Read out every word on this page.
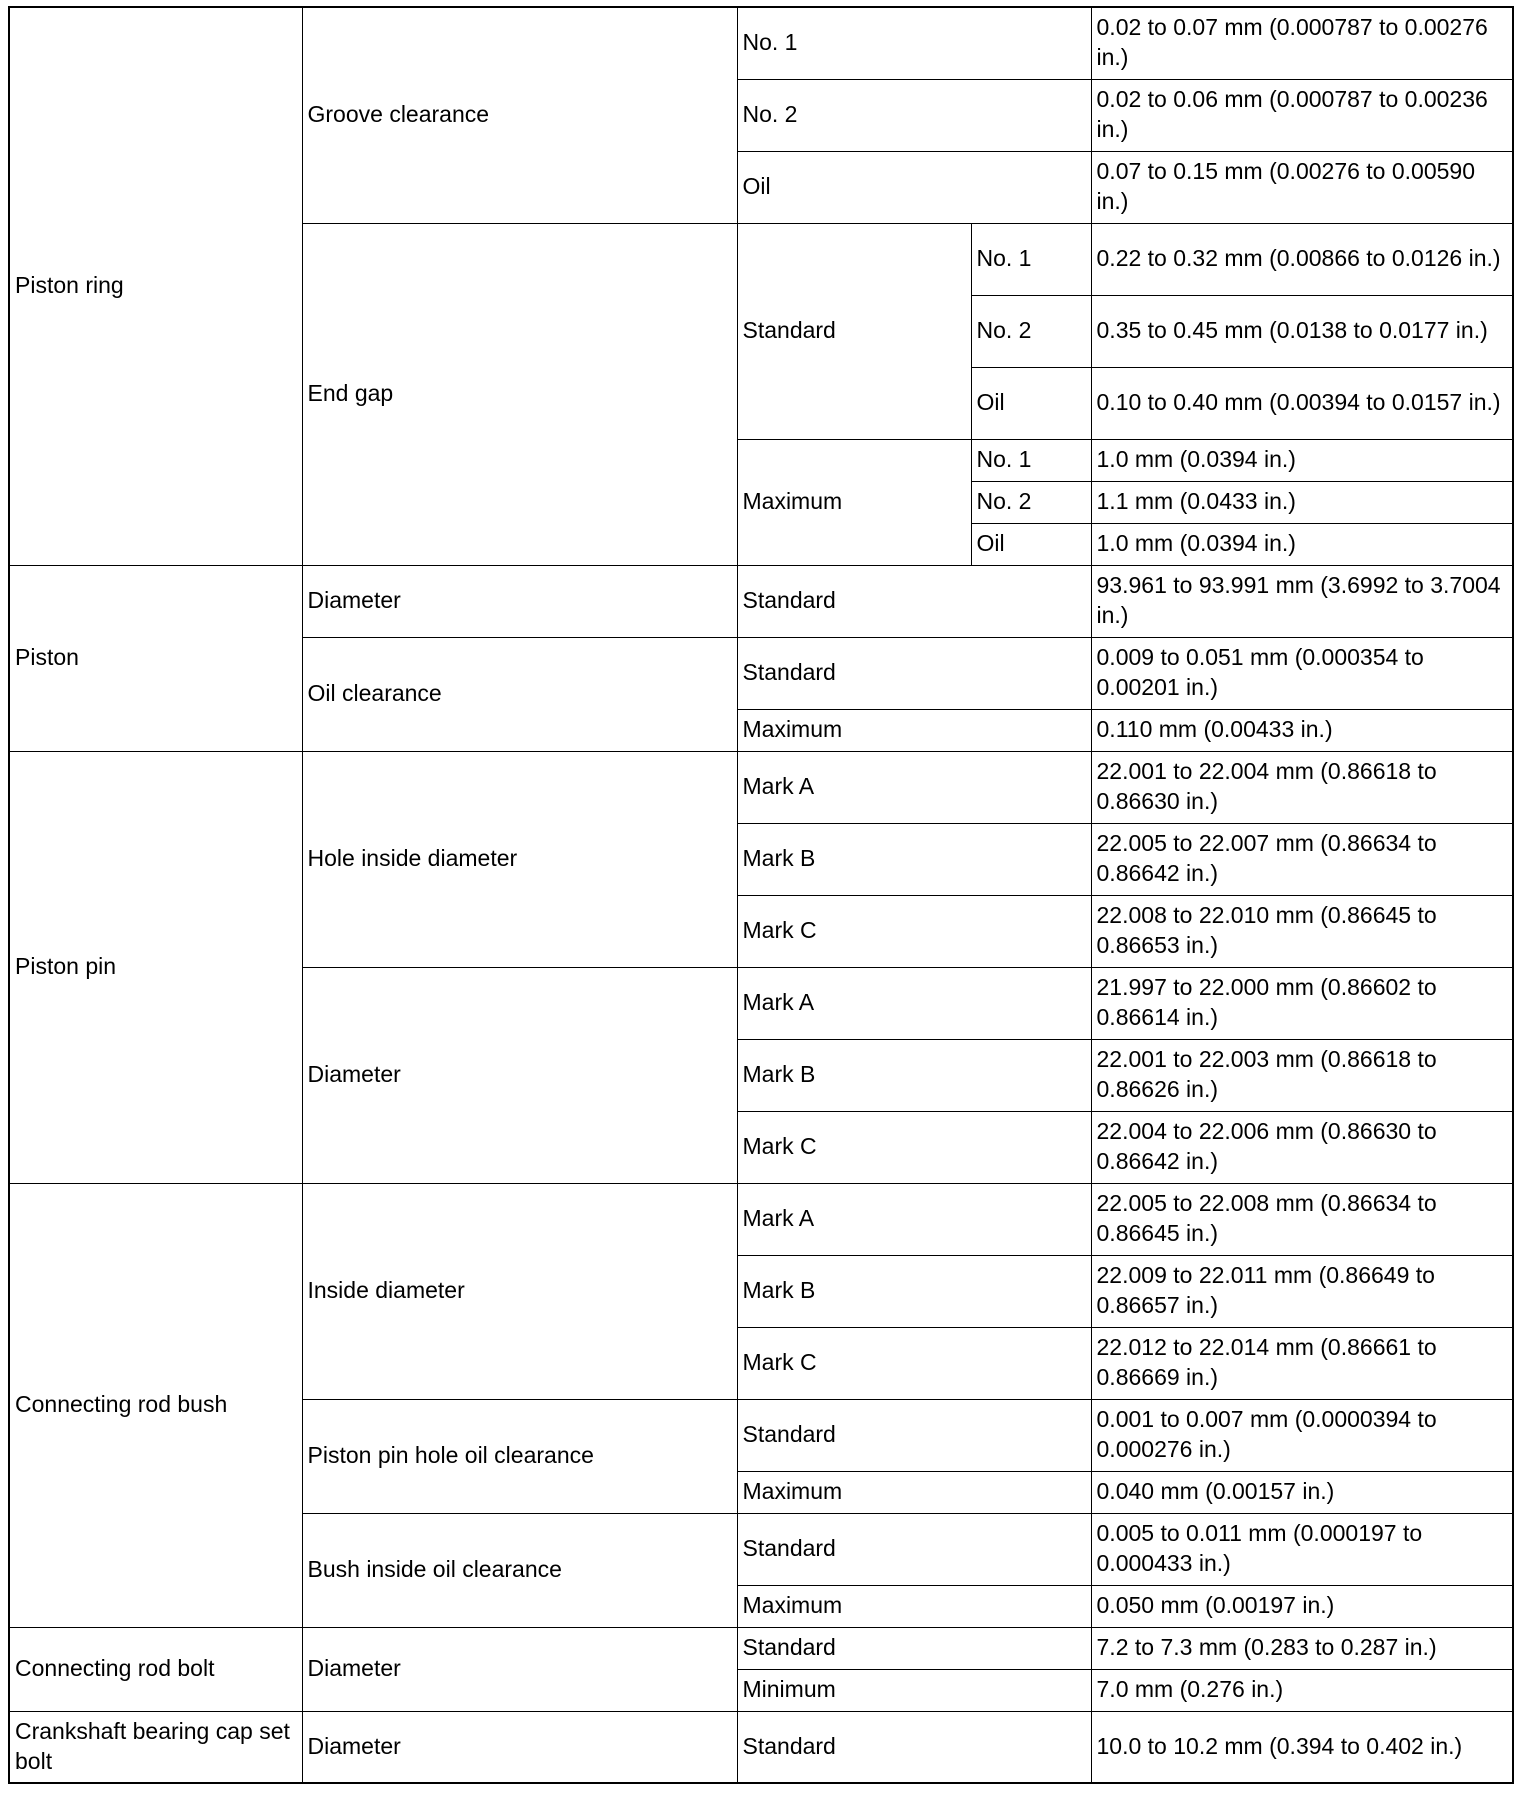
Piston ring	Groove clearance	No. 1		0.02 to 0.07 mm (0.000787 to 0.00276 in.)
		No. 2		0.02 to 0.06 mm (0.000787 to 0.00236 in.)
		Oil		0.07 to 0.15 mm (0.00276 to 0.00590 in.)
	End gap	Standard	No. 1	0.22 to 0.32 mm (0.00866 to 0.0126 in.)
			No. 2	0.35 to 0.45 mm (0.0138 to 0.0177 in.)
			Oil	0.10 to 0.40 mm (0.00394 to 0.0157 in.)
		Maximum	No. 1	1.0 mm (0.0394 in.)
			No. 2	1.1 mm (0.0433 in.)
			Oil	1.0 mm (0.0394 in.)
Piston	Diameter	Standard		93.961 to 93.991 mm (3.6992 to 3.7004 in.)
	Oil clearance	Standard		0.009 to 0.051 mm (0.000354 to 0.00201 in.)
		Maximum		0.110 mm (0.00433 in.)
Piston pin	Hole inside diameter	Mark A		22.001 to 22.004 mm (0.86618 to 0.86630 in.)
		Mark B		22.005 to 22.007 mm (0.86634 to 0.86642 in.)
		Mark C		22.008 to 22.010 mm (0.86645 to 0.86653 in.)
	Diameter	Mark A		21.997 to 22.000 mm (0.86602 to 0.86614 in.)
		Mark B		22.001 to 22.003 mm (0.86618 to 0.86626 in.)
		Mark C		22.004 to 22.006 mm (0.86630 to 0.86642 in.)
Connecting rod bush	Inside diameter	Mark A		22.005 to 22.008 mm (0.86634 to 0.86645 in.)
		Mark B		22.009 to 22.011 mm (0.86649 to 0.86657 in.)
		Mark C		22.012 to 22.014 mm (0.86661 to 0.86669 in.)
	Piston pin hole oil clearance	Standard		0.001 to 0.007 mm (0.0000394 to 0.000276 in.)
		Maximum		0.040 mm (0.00157 in.)
	Bush inside oil clearance	Standard		0.005 to 0.011 mm (0.000197 to 0.000433 in.)
		Maximum		0.050 mm (0.00197 in.)
Connecting rod bolt	Diameter	Standard		7.2 to 7.3 mm (0.283 to 0.287 in.)
		Minimum		7.0 mm (0.276 in.)
Crankshaft bearing cap set bolt	Diameter	Standard		10.0 to 10.2 mm (0.394 to 0.402 in.)
